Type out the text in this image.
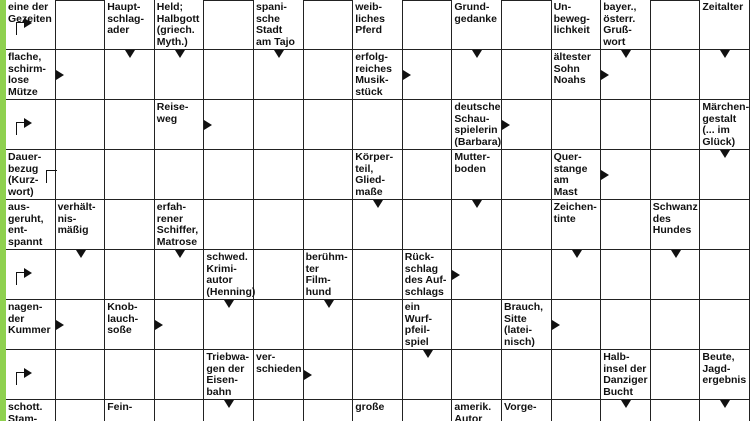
eine der
Gezeiten
Haupt-
schlag-
ader
Held;
Halbgott
(griech.
Myth.)
spani-
sche
Stadt
am Tajo
weib-
liches
Pferd
Grund-
gedanke
Un-
beweg-
lichkeit
bayer.,
österr.
Gruß-
wort
Zeitalter
flache,
schirm-
lose
Mütze
erfolg-
reiches
Musik-
stück
ältester
Sohn
Noahs
Reise-
weg
deutsche
Schau-
spielerin
(Barbara)
Märchen-
gestalt
(... im
Glück)
Dauer-
bezug
(Kurz-
wort)
Körper-
teil,
Glied-
maße
Mutter-
boden
Quer-
stange
am
Mast
aus-
geruht,
ent-
spannt
verhält-
nis-
mäßig
erfah-
rener
Schiffer,
Matrose
Zeichen-
tinte
Schwanz
des
Hundes
schwed.
Krimi-
autor
(Henning)
berühm-
ter
Film-
hund
Rück-
schlag
des Auf-
schlags
nagen-
der
Kummer
Knob-
lauch-
soße
ein
Wurf-
pfeil-
spiel
Brauch,
Sitte
(latei-
nisch)
Triebwa-
gen der
Eisen-
bahn
ver-
schieden
Halb-
insel der
Danziger
Bucht
Beute,
Jagd-
ergebnis
schott.
Stam-
Fein-	große	amerik.
Autor
Vorge-
